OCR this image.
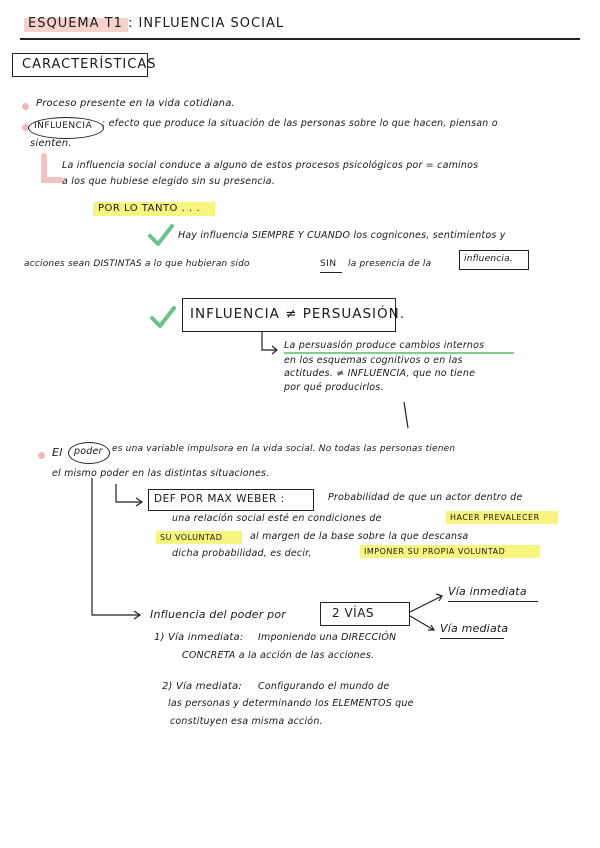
ESQUEMA T1 : INFLUENCIA SOCIAL
CARACTERÍSTICAS
Proceso presente en la vida cotidiana.
INFLUENCIA : efecto que produce la situación de las personas sobre lo que hacen, piensan o
sienten.
La influencia social conduce a alguno de estos procesos psicológicos por = caminos
a los que hubiese elegido sin su presencia.
POR LO TANTO . . .
Hay influencia SIEMPRE Y CUANDO los cognicones, sentimientos y
acciones sean DISTINTAS a lo que hubieran sido	SIN la presencia de la	influencia.
INFLUENCIA ≠ PERSUASIÓN.
La persuasión produce cambios internos
en los esquemas cognitivos o en las
actitudes. ≠ INFLUENCIA, que no tiene
por qué producirlos.
El poder es una variable impulsora en la vida social. No todas las personas tienen
el mismo poder en las distintas situaciones.
DEF POR MAX WEBER :	Probabilidad de que un actor dentro de
una relación social esté en condiciones de	HACER PREVALECER
SU VOLUNTAD	al margen de la base sobre la que descansa
dicha probabilidad, es decir,	IMPONER SU PROPIA VOLUNTAD
Influencia del poder por	2 VÍAS
Vía inmediata
Vía mediata
1) Vía inmediata: Imponiendo una DIRECCIÓN
CONCRETA a la acción de las acciones.
2) Vía mediata: Configurando el mundo de
las personas y determinando los ELEMENTOS que
constituyen esa misma acción.
